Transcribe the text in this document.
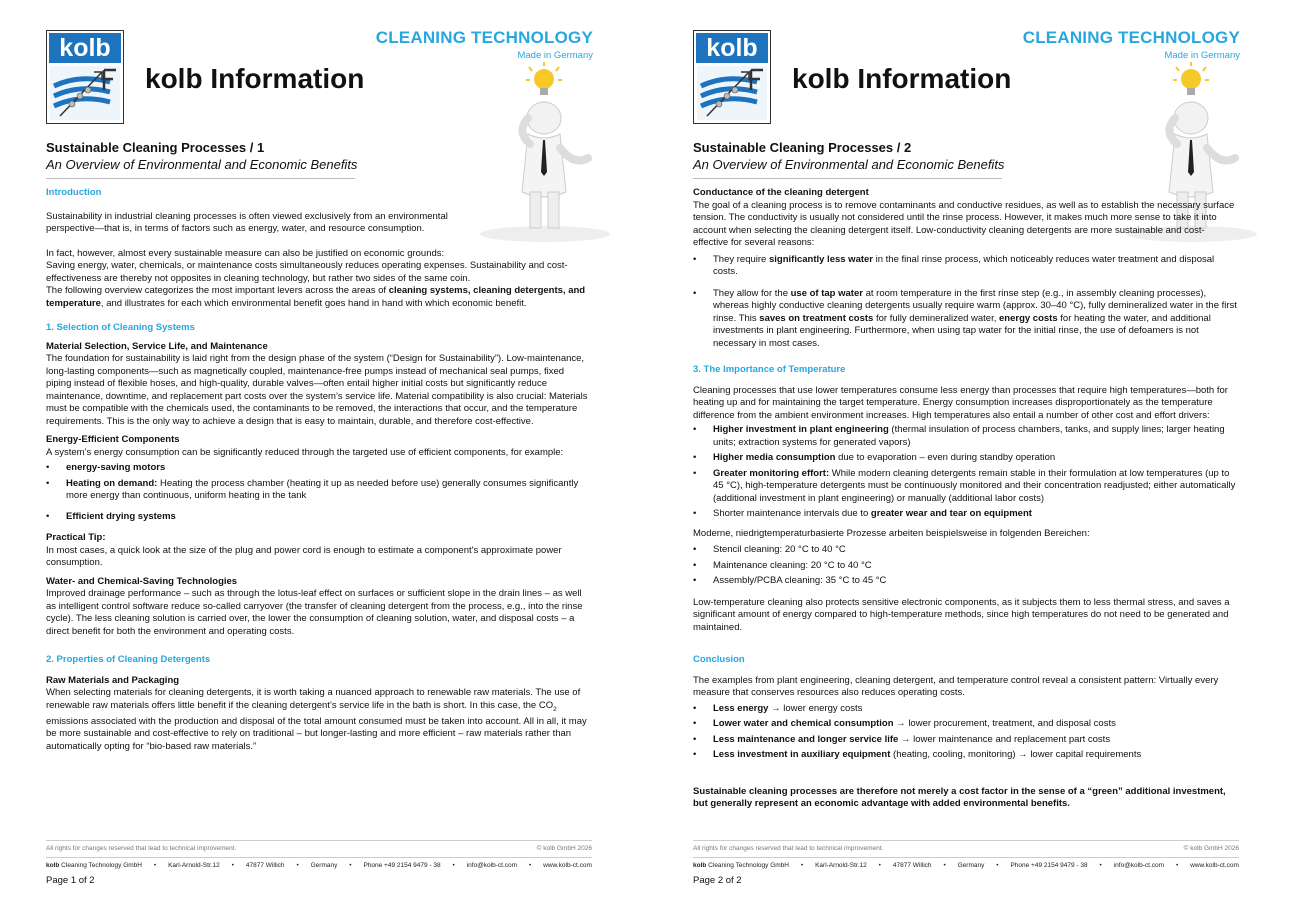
kolb	CLEANING TECHNOLOGY
Made in Germany
kolb Information
Sustainable Cleaning Processes / 1
An Overview of Environmental and Economic Benefits

Introduction

Sustainability in industrial cleaning processes is often viewed exclusively from an environmental perspective—that is, in terms of factors such as energy, water, and resource consumption.

In fact, however, almost every sustainable measure can also be justified on economic grounds:

Saving energy, water, chemicals, or maintenance costs simultaneously reduces operating expenses. Sustainability and cost-effectiveness are thereby not opposites in cleaning technology, but rather two sides of the same coin.

The following overview categorizes the most important levers across the areas of cleaning systems, cleaning detergents, and temperature, and illustrates for each which environmental benefit goes hand in hand with which economic benefit.

1. Selection of Cleaning Systems

Material Selection, Service Life, and Maintenance

The foundation for sustainability is laid right from the design phase of the system (“Design for Sustainability”). Low-maintenance, long-lasting components—such as magnetically coupled, maintenance-free pumps instead of mechanical seal pumps, fixed piping instead of flexible hoses, and high-quality, durable valves—often entail higher initial costs but significantly reduce maintenance, downtime, and replacement part costs over the system’s service life. Material compatibility is also crucial: Materials must be compatible with the chemicals used, the contaminants to be removed, the interactions that occur, and the temperature requirements. This is the only way to achieve a design that is easy to maintain, durable, and therefore cost-effective.

Energy-Efficient Components

A system’s energy consumption can be significantly reduced through the targeted use of efficient components, for example:

• energy-saving motors
• Heating on demand: Heating the process chamber (heating it up as needed before use) generally consumes significantly more energy than continuous, uniform heating in the tank
• Efficient drying systems

Practical Tip:

In most cases, a quick look at the size of the plug and power cord is enough to estimate a component's approximate power consumption.

Water- and Chemical-Saving Technologies

Improved drainage performance – such as through the lotus-leaf effect on surfaces or sufficient slope in the drain lines – as well as intelligent control software reduce so-called carryover (the transfer of cleaning detergent from the process, e.g., into the rinse cycle). The less cleaning solution is carried over, the lower the consumption of cleaning solution, water, and disposal costs – a direct benefit for both the environment and operating costs.

2. Properties of Cleaning Detergents

Raw Materials and Packaging

When selecting materials for cleaning detergents, it is worth taking a nuanced approach to renewable raw materials. The use of renewable raw materials offers little benefit if the cleaning detergent’s service life in the bath is short. In this case, the $CO_2$ emissions associated with the production and disposal of the total amount consumed must be taken into account. All in all, it may be more sustainable and cost-effective to rely on traditional – but longer-lasting and more efficient – raw materials rather than automatically opting for “bio-based raw materials.”

All rights for changes reserved that lead to technical improvement.	© kolb GmbH 2026
kolb Cleaning Technology GmbH • Karl-Arnold-Str.12 • 47877 Willich • Germany • Phone +49 2154 9479 - 38 • info@kolb-ct.com • www.kolb-ct.com
Page 1 of 2
kolb	CLEANING TECHNOLOGY
Made in Germany
kolb Information
Sustainable Cleaning Processes / 2
An Overview of Environmental and Economic Benefits

Conductance of the cleaning detergent

The goal of a cleaning process is to remove contaminants and conductive residues, as well as to establish the necessary surface tension. The conductivity is usually not considered until the rinse process. However, it makes much more sense to take it into account when selecting the cleaning detergent itself. Low-conductivity cleaning detergents are more sustainable and cost-effective for several reasons:

• They require significantly less water in the final rinse process, which noticeably reduces water treatment and disposal costs.
• They allow for the use of tap water at room temperature in the first rinse step (e.g., in assembly cleaning processes), whereas highly conductive cleaning detergents usually require warm (approx. 30–40 °C), fully demineralized water in the first rinse. This saves on treatment costs for fully demineralized water, energy costs for heating the water, and additional investments in plant engineering. Furthermore, when using tap water for the initial rinse, the use of defoamers is not necessary in most cases.

3. The Importance of Temperature

Cleaning processes that use lower temperatures consume less energy than processes that require high temperatures—both for heating up and for maintaining the target temperature. Energy consumption increases disproportionately as the temperature difference from the ambient environment increases. High temperatures also entail a number of other cost and effort drivers:

• Higher investment in plant engineering (thermal insulation of process chambers, tanks, and supply lines; larger heating units; extraction systems for generated vapors)
• Higher media consumption due to evaporation – even during standby operation
• Greater monitoring effort: While modern cleaning detergents remain stable in their formulation at low temperatures (up to 45 °C), high-temperature detergents must be continuously monitored and their concentration readjusted; either automatically (additional investment in plant engineering) or manually (additional labor costs)
• Shorter maintenance intervals due to greater wear and tear on equipment

Moderne, niedrigtemperaturbasierte Prozesse arbeiten beispielsweise in folgenden Bereichen:

• Stencil cleaning: 20 °C to 40 °C
• Maintenance cleaning: 20 °C to 40 °C
• Assembly/PCBA cleaning: 35 °C to 45 °C

Low-temperature cleaning also protects sensitive electronic components, as it subjects them to less thermal stress, and saves a significant amount of energy compared to high-temperature methods, since high temperatures do not need to be generated and maintained.

Conclusion

The examples from plant engineering, cleaning detergent, and temperature control reveal a consistent pattern: Virtually every measure that conserves resources also reduces operating costs.

• Less energy → lower energy costs
• Lower water and chemical consumption → lower procurement, treatment, and disposal costs
• Less maintenance and longer service life → lower maintenance and replacement part costs
• Less investment in auxiliary equipment (heating, cooling, monitoring) → lower capital requirements

Sustainable cleaning processes are therefore not merely a cost factor in the sense of a “green” additional investment, but generally represent an economic advantage with added environmental benefits.

All rights for changes reserved that lead to technical improvement.	© kolb GmbH 2026
kolb Cleaning Technology GmbH • Karl-Arnold-Str.12 • 47877 Willich • Germany • Phone +49 2154 9479 - 38 • info@kolb-ct.com • www.kolb-ct.com
Page 2 of 2
